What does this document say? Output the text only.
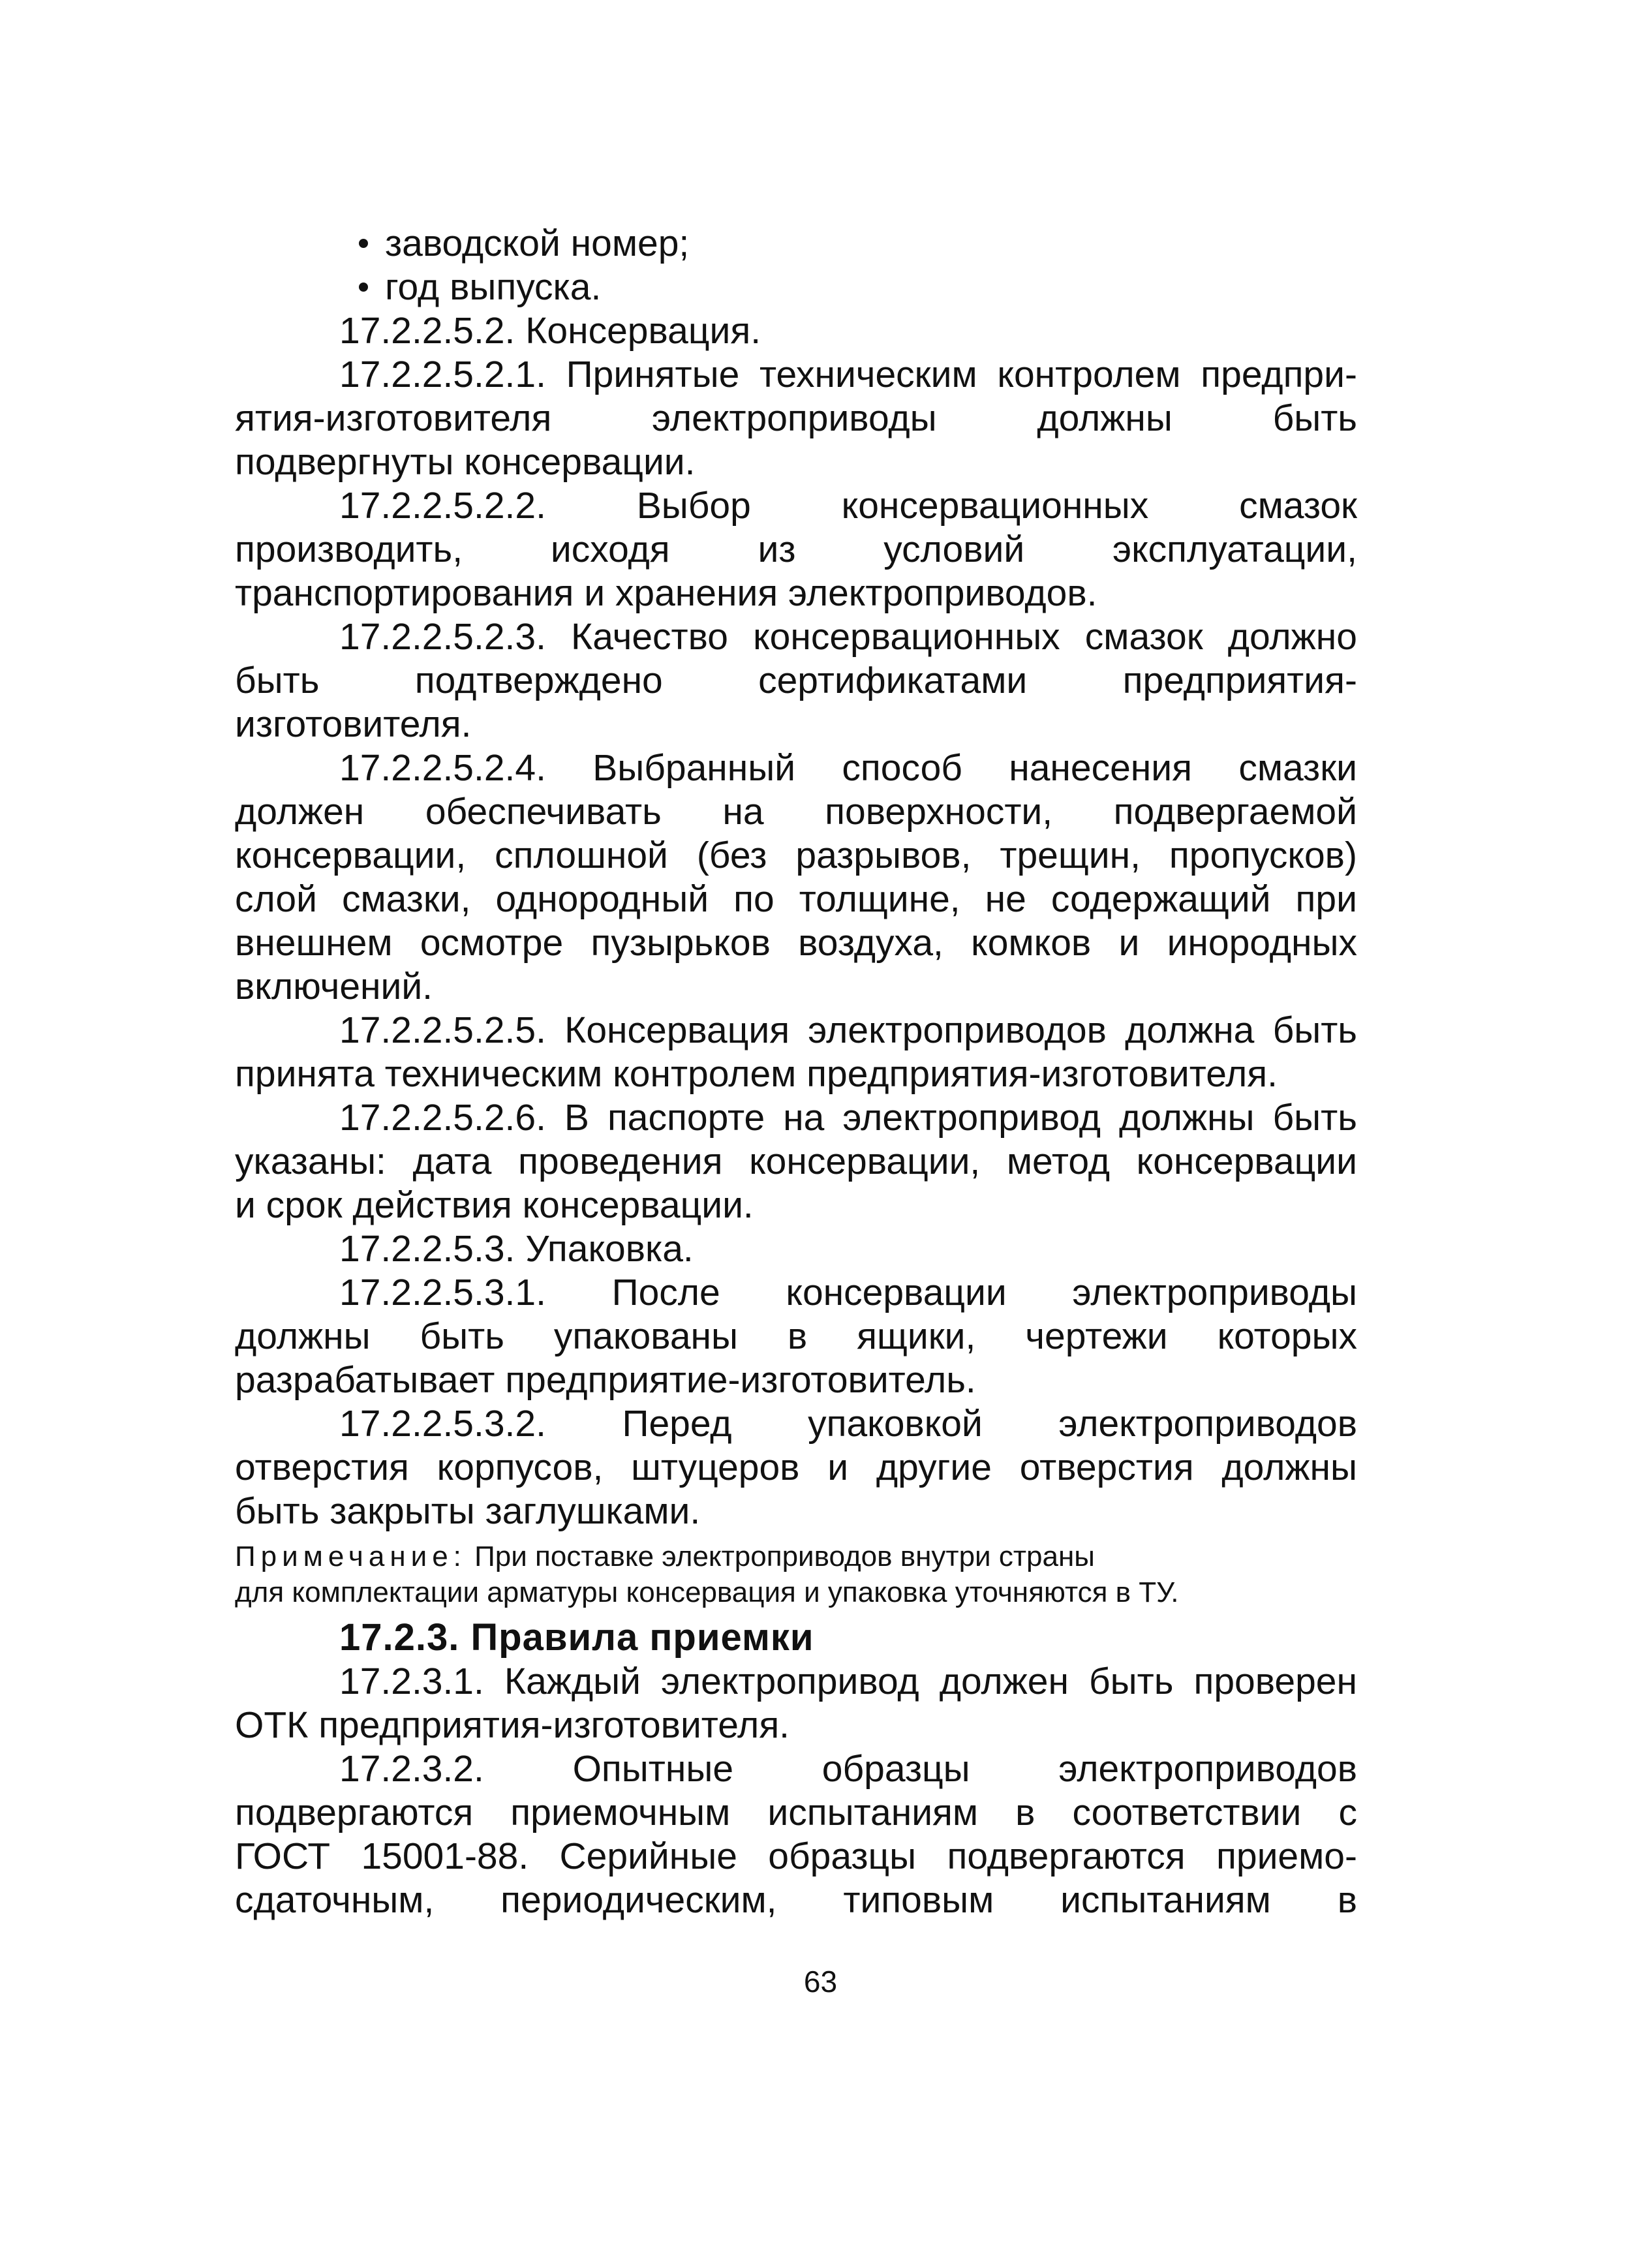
заводской номер;
год выпуска.
17.2.2.5.2. Консервация.
17.2.2.5.2.1. Принятые техническим контролем предпри-
ятия-изготовителя	электроприводы	должны	быть
подвергнуты консервации.
17.2.2.5.2.2. Выбор консервационных смазок
производить, исходя из условий эксплуатации,
транспортирования и хранения электроприводов.
17.2.2.5.2.3. Качество консервационных смазок должно
быть	подтверждено	сертификатами	предприятия-
изготовителя.
17.2.2.5.2.4. Выбранный способ нанесения смазки
должен обеспечивать на поверхности, подвергаемой
консервации, сплошной (без разрывов, трещин, пропусков)
слой смазки, однородный по толщине, не содержащий при
внешнем осмотре пузырьков воздуха, комков и инородных
включений.
17.2.2.5.2.5. Консервация электроприводов должна быть
принята техническим контролем предприятия-изготовителя.
17.2.2.5.2.6. В паспорте на электропривод должны быть
указаны: дата проведения консервации, метод консервации
и срок действия консервации.
17.2.2.5.3. Упаковка.
17.2.2.5.3.1. После консервации электроприводы
должны быть упакованы в ящики, чертежи которых
разрабатывает предприятие-изготовитель.
17.2.2.5.3.2. Перед упаковкой электроприводов
отверстия корпусов, штуцеров и другие отверстия должны
быть закрыты заглушками.
Примечание: При поставке электроприводов внутри страны
для комплектации арматуры консервация и упаковка уточняются в ТУ.
17.2.3. Правила приемки
17.2.3.1. Каждый электропривод должен быть проверен
ОТК предприятия-изготовителя.
17.2.3.2. Опытные образцы электроприводов
подвергаются приемочным испытаниям в соответствии с
ГОСТ 15001-88. Серийные образцы подвергаются приемо-
сдаточным, периодическим, типовым испытаниям в
63
